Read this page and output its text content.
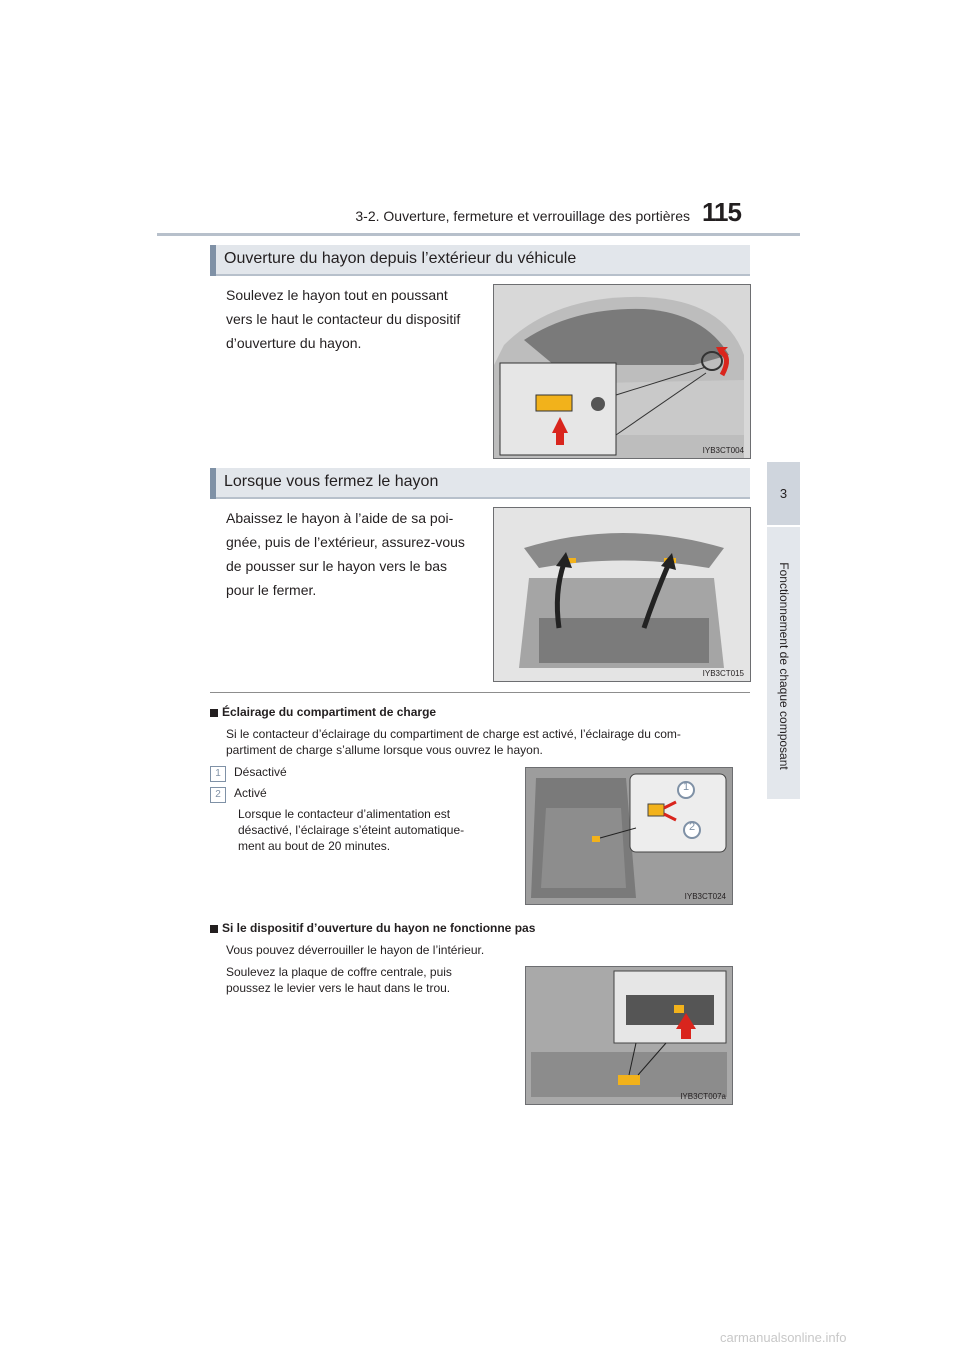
3-2. Ouverture, fermeture et verrouillage des portières 115
3
Fonctionnement de chaque composant
Ouverture du hayon depuis l’extérieur du véhicule
Soulevez le hayon tout en poussant
vers le haut le contacteur du dispositif
d’ouverture du hayon.
IYB3CT004
Lorsque vous fermez le hayon
Abaissez le hayon à l’aide de sa poi-
gnée, puis de l’extérieur, assurez-vous
de pousser sur le hayon vers le bas
pour le fermer.
IYB3CT015
Éclairage du compartiment de charge
Si le contacteur d’éclairage du compartiment de charge est activé, l’éclairage du com-
partiment de charge s’allume lorsque vous ouvrez le hayon.
1 Désactivé
2 Activé
Lorsque le contacteur d’alimentation est
désactivé, l’éclairage s’éteint automatique-
ment au bout de 20 minutes.
1
2
IYB3CT024
Si le dispositif d’ouverture du hayon ne fonctionne pas
Vous pouvez déverrouiller le hayon de l’intérieur.
Soulevez la plaque de coffre centrale, puis
poussez le levier vers le haut dans le trou.
IYB3CT007a
carmanualsonline.info
